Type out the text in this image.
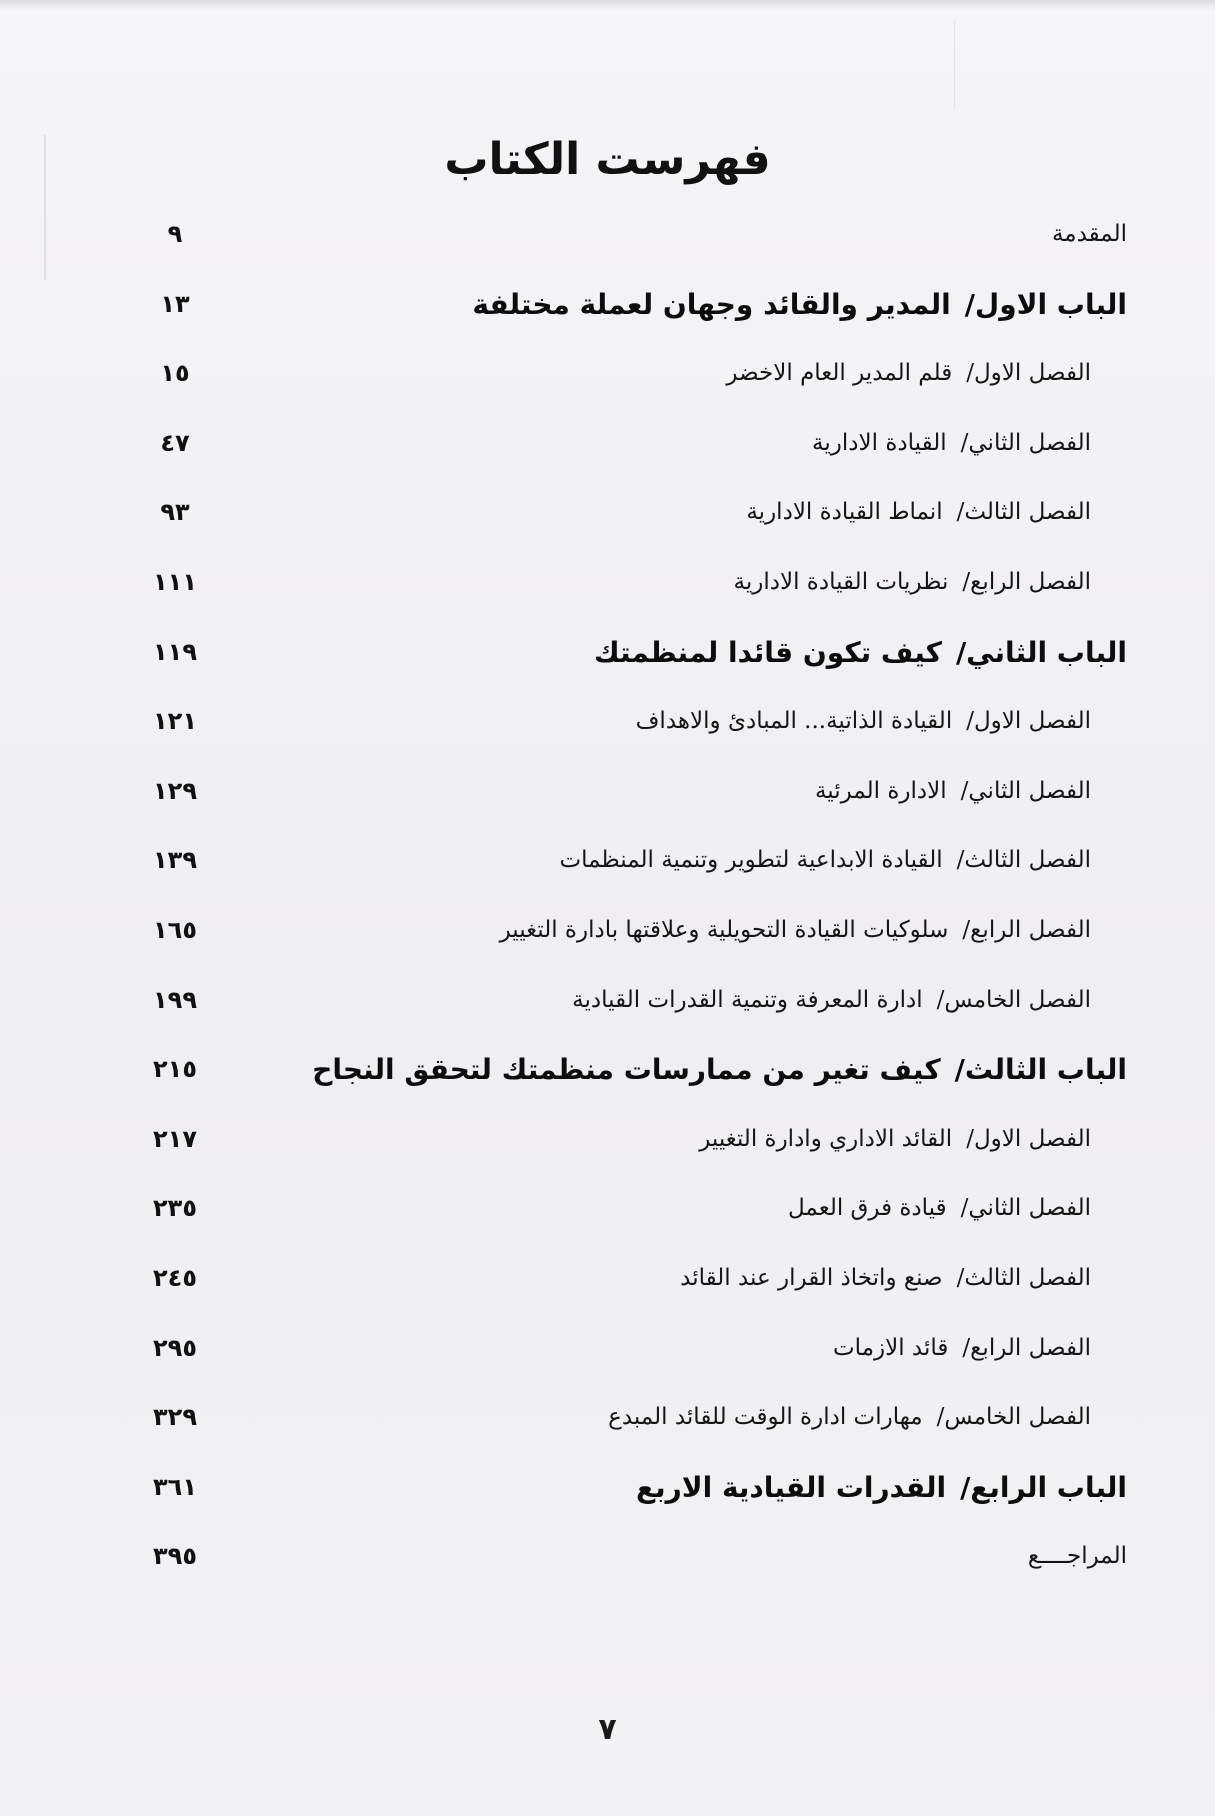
فهرست الكتاب
المقدمة
٩
الباب الاول/المدير والقائد وجهان لعملة مختلفة
١٣
الفصل الاول/قلم المدير العام الاخضر
١٥
الفصل الثاني/القيادة الادارية
٤٧
الفصل الثالث/انماط القيادة الادارية
٩٣
الفصل الرابع/نظريات القيادة الادارية
١١١
الباب الثاني/كيف تكون قائدا لمنظمتك
١١٩
الفصل الاول/القيادة الذاتية... المبادئ والاهداف
١٢١
الفصل الثاني/الادارة المرئية
١٢٩
الفصل الثالث/القيادة الابداعية لتطوير وتنمية المنظمات
١٣٩
الفصل الرابع/سلوكيات القيادة التحويلية وعلاقتها بادارة التغيير
١٦٥
الفصل الخامس/ادارة المعرفة وتنمية القدرات القيادية
١٩٩
الباب الثالث/كيف تغير من ممارسات منظمتك لتحقق النجاح
٢١٥
الفصل الاول/القائد الاداري وادارة التغيير
٢١٧
الفصل الثاني/قيادة فرق العمل
٢٣٥
الفصل الثالث/صنع واتخاذ القرار عند القائد
٢٤٥
الفصل الرابع/قائد الازمات
٢٩٥
الفصل الخامس/مهارات ادارة الوقت للقائد المبدع
٣٢٩
الباب الرابع/القدرات القيادية الاربع
٣٦١
المراجــــع
٣٩٥
٧
